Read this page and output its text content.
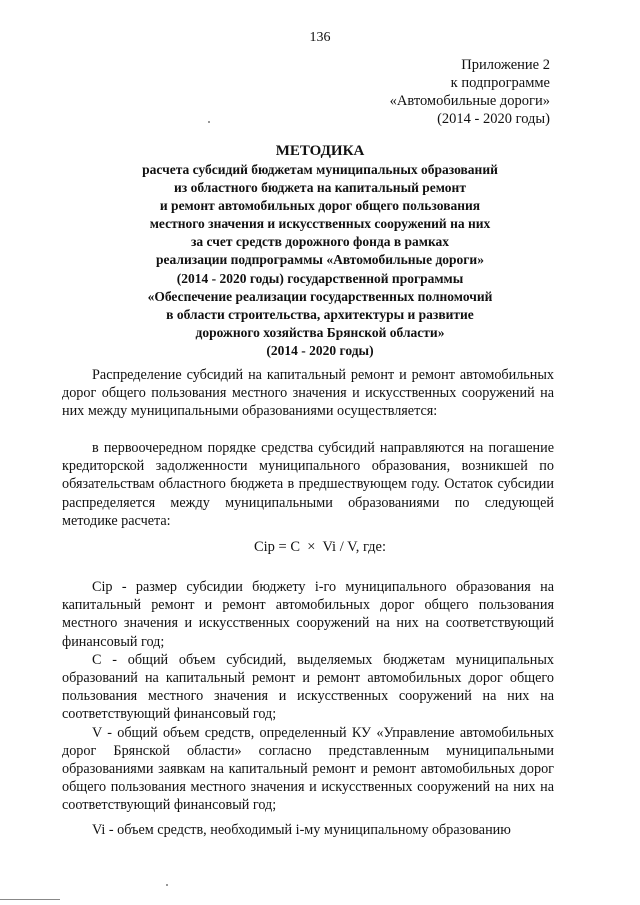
136
Приложение 2
к подпрограмме
«Автомобильные дороги»
(2014 - 2020 годы)
МЕТОДИКА
расчета субсидий бюджетам муниципальных образований
из областного бюджета на капитальный ремонт
и ремонт автомобильных дорог общего пользования
местного значения и искусственных сооружений на них
за счет средств дорожного фонда в рамках
реализации подпрограммы «Автомобильные дороги»
(2014 - 2020 годы) государственной программы
«Обеспечение реализации государственных полномочий
в области строительства, архитектуры и развитие
дорожного хозяйства Брянской области»
(2014 - 2020 годы)

Распределение субсидий на капитальный ремонт и ремонт автомобильных дорог общего пользования местного значения и искусственных сооружений на них между муниципальными образованиями осуществляется:

в первоочередном порядке средства субсидий направляются на погашение кредиторской задолженности муниципального образования, возникшей по обязательствам областного бюджета в предшествующем году. Остаток субсидии распределяется между муниципальными образованиями по следующей методике расчета:

Cip = C  ×  Vi / V, где:

Cip - размер субсидии бюджету i-го муниципального образования на капитальный ремонт и ремонт автомобильных дорог общего пользования местного значения и искусственных сооружений на них на соответствующий финансовый год;

С - общий объем субсидий, выделяемых бюджетам муниципальных образований на капитальный ремонт и ремонт автомобильных дорог общего пользования местного значения и искусственных сооружений на них на соответствующий финансовый год;

V - общий объем средств, определенный КУ «Управление автомобильных дорог Брянской области» согласно представленным муниципальными образованиями заявкам на капитальный ремонт и ремонт автомобильных дорог общего пользования местного значения и искусственных сооружений на них на соответствующий финансовый год;

Vi - объем средств, необходимый i-му муниципальному образованию
